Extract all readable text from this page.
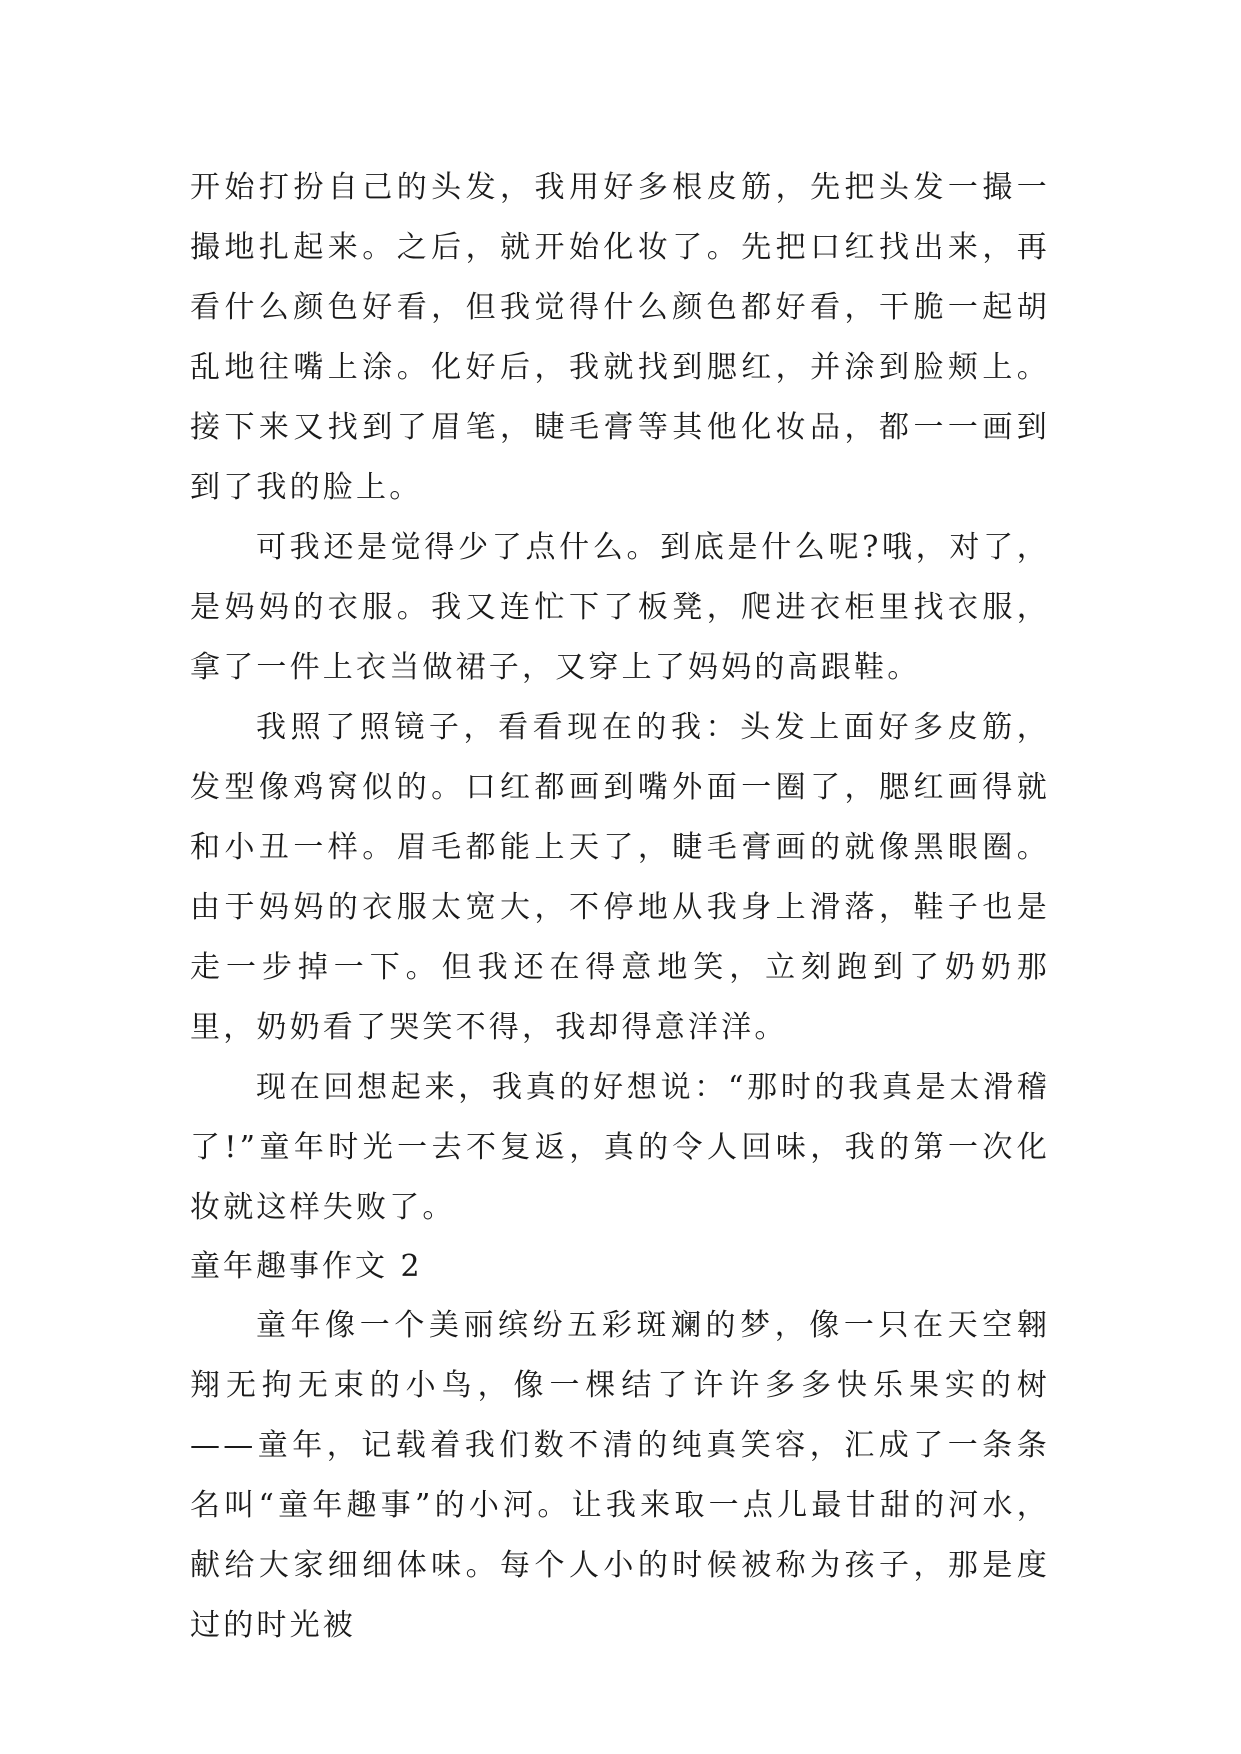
开始打扮自己的头发，我用好多根皮筋，先把头发一撮一撮地扎起来。之后，就开始化妆了。先把口红找出来，再看什么颜色好看，但我觉得什么颜色都好看，干脆一起胡乱地往嘴上涂。化好后，我就找到腮红，并涂到脸颊上。接下来又找到了眉笔，睫毛膏等其他化妆品，都一一画到到了我的脸上。

可我还是觉得少了点什么。到底是什么呢?哦，对了，是妈妈的衣服。我又连忙下了板凳，爬进衣柜里找衣服，拿了一件上衣当做裙子，又穿上了妈妈的高跟鞋。

我照了照镜子，看看现在的我：头发上面好多皮筋，发型像鸡窝似的。口红都画到嘴外面一圈了，腮红画得就和小丑一样。眉毛都能上天了，睫毛膏画的就像黑眼圈。由于妈妈的衣服太宽大，不停地从我身上滑落，鞋子也是走一步掉一下。但我还在得意地笑，立刻跑到了奶奶那里，奶奶看了哭笑不得，我却得意洋洋。

现在回想起来，我真的好想说：“那时的我真是太滑稽了!”童年时光一去不复返，真的令人回味，我的第一次化妆就这样失败了。

童年趣事作文 2

童年像一个美丽缤纷五彩斑斓的梦，像一只在天空翱翔无拘无束的小鸟，像一棵结了许许多多快乐果实的树——童年，记载着我们数不清的纯真笑容，汇成了一条条名叫“童年趣事”的小河。让我来取一点儿最甘甜的河水，献给大家细细体味。每个人小的时候被称为孩子，那是度过的时光被
